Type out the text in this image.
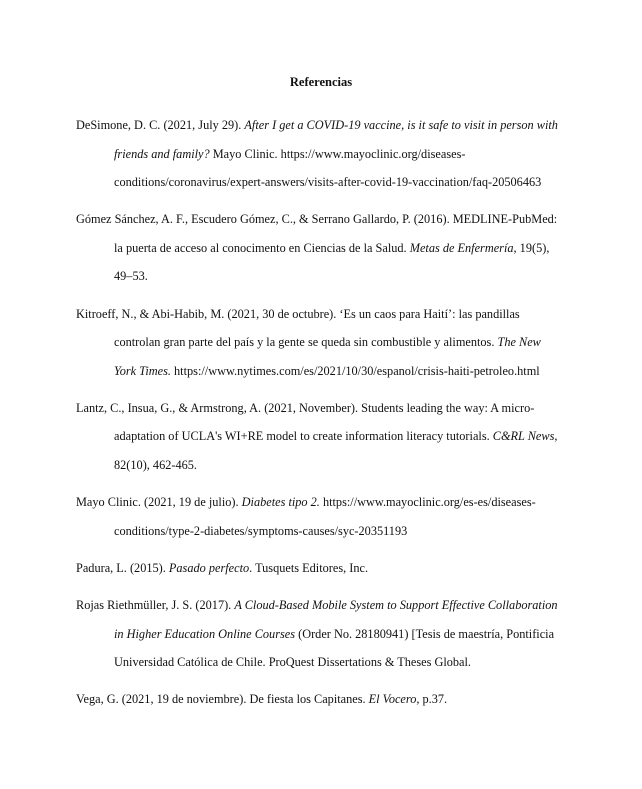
Referencias

DeSimone, D. C. (2021, July 29). After I get a COVID-19 vaccine, is it safe to visit in person with friends and family? Mayo Clinic. https://www.mayoclinic.org/diseases-conditions/coronavirus/expert-answers/visits-after-covid-19-vaccination/faq-20506463

Gómez Sánchez, A. F., Escudero Gómez, C., & Serrano Gallardo, P. (2016). MEDLINE-PubMed: la puerta de acceso al conocimento en Ciencias de la Salud. Metas de Enfermería, 19(5), 49–53.

Kitroeff, N., & Abi-Habib, M. (2021, 30 de octubre). ‘Es un caos para Haití’: las pandillas controlan gran parte del país y la gente se queda sin combustible y alimentos. The New York Times. https://www.nytimes.com/es/2021/10/30/espanol/crisis-haiti-petroleo.html

Lantz, C., Insua, G., & Armstrong, A. (2021, November). Students leading the way: A micro-adaptation of UCLA's WI+RE model to create information literacy tutorials. C&RL News, 82(10), 462-465.

Mayo Clinic. (2021, 19 de julio). Diabetes tipo 2. https://www.mayoclinic.org/es-es/diseases-conditions/type-2-diabetes/symptoms-causes/syc-20351193

Padura, L. (2015). Pasado perfecto. Tusquets Editores, Inc.

Rojas Riethmüller, J. S. (2017). A Cloud-Based Mobile System to Support Effective Collaboration in Higher Education Online Courses (Order No. 28180941) [Tesis de maestría, Pontificia Universidad Católica de Chile. ProQuest Dissertations & Theses Global.

Vega, G. (2021, 19 de noviembre). De fiesta los Capitanes. El Vocero, p.37.
